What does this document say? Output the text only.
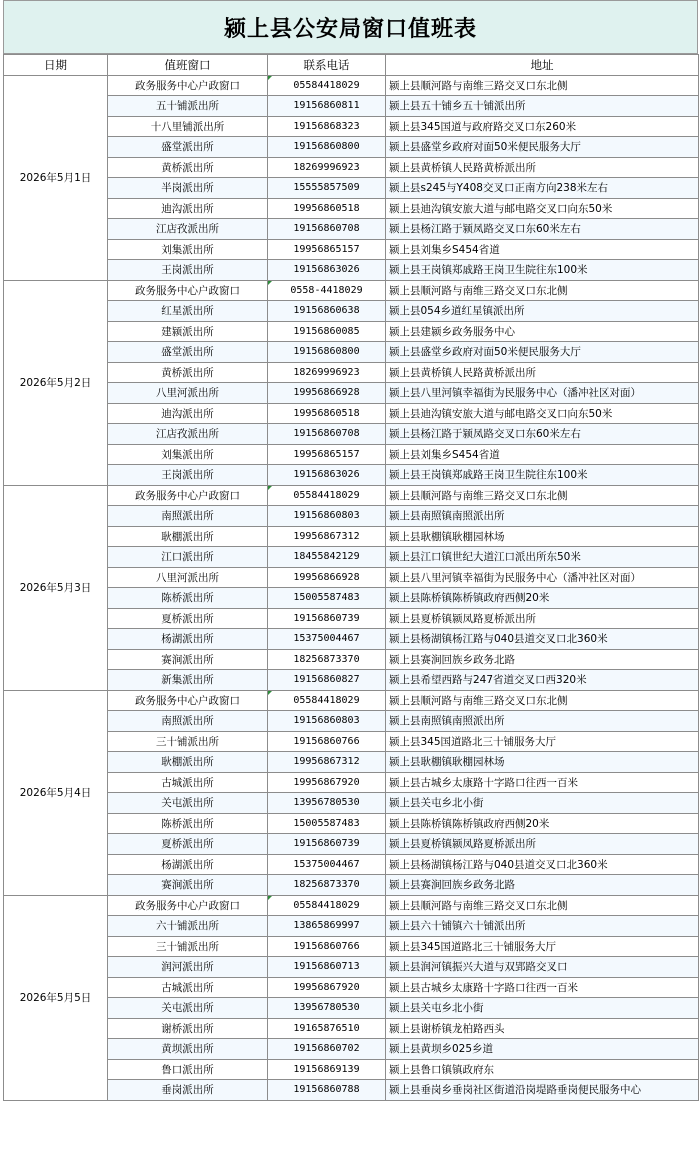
颍上县公安局窗口值班表
日期	值班窗口	联系电话	地址
2026年5月1日	政务服务中心户政窗口	05584418029	颍上县顺河路与南维三路交叉口东北侧
	五十铺派出所	19156860811	颍上县五十铺乡五十铺派出所
	十八里铺派出所	19156868323	颍上县345国道与政府路交叉口东260米
	盛堂派出所	19156860800	颍上县盛堂乡政府对面50米便民服务大厅
	黄桥派出所	18269996923	颍上县黄桥镇人民路黄桥派出所
	半岗派出所	15555857509	颍上县s245与Y408交叉口正南方向238米左右
	迪沟派出所	19956860518	颍上县迪沟镇安旅大道与邮电路交叉口向东50米
	江店孜派出所	19156860708	颍上县杨江路于颍凤路交叉口东60米左右
	刘集派出所	19956865157	颍上县刘集乡S454省道
	王岗派出所	19156863026	颍上县王岗镇郑戚路王岗卫生院往东100米
2026年5月2日	政务服务中心户政窗口	0558-4418029	颍上县顺河路与南维三路交叉口东北侧
	红星派出所	19156860638	颍上县054乡道红星镇派出所
	建颍派出所	19156860085	颍上县建颍乡政务服务中心
	盛堂派出所	19156860800	颍上县盛堂乡政府对面50米便民服务大厅
	黄桥派出所	18269996923	颍上县黄桥镇人民路黄桥派出所
	八里河派出所	19956866928	颍上县八里河镇幸福街为民服务中心（潘冲社区对面）
	迪沟派出所	19956860518	颍上县迪沟镇安旅大道与邮电路交叉口向东50米
	江店孜派出所	19156860708	颍上县杨江路于颍凤路交叉口东60米左右
	刘集派出所	19956865157	颍上县刘集乡S454省道
	王岗派出所	19156863026	颍上县王岗镇郑戚路王岗卫生院往东100米
2026年5月3日	政务服务中心户政窗口	05584418029	颍上县顺河路与南维三路交叉口东北侧
	南照派出所	19156860803	颍上县南照镇南照派出所
	耿棚派出所	19956867312	颍上县耿棚镇耿棚园林场
	江口派出所	18455842129	颍上县江口镇世纪大道江口派出所东50米
	八里河派出所	19956866928	颍上县八里河镇幸福街为民服务中心（潘冲社区对面）
	陈桥派出所	15005587483	颍上县陈桥镇陈桥镇政府西侧20米
	夏桥派出所	19156860739	颍上县夏桥镇颍凤路夏桥派出所
	杨湖派出所	15375004467	颍上县杨湖镇杨江路与040县道交叉口北360米
	赛涧派出所	18256873370	颍上县赛涧回族乡政务北路
	新集派出所	19156860827	颍上县希望西路与247省道交叉口西320米
2026年5月4日	政务服务中心户政窗口	05584418029	颍上县顺河路与南维三路交叉口东北侧
	南照派出所	19156860803	颍上县南照镇南照派出所
	三十铺派出所	19156860766	颍上县345国道路北三十铺服务大厅
	耿棚派出所	19956867312	颍上县耿棚镇耿棚园林场
	古城派出所	19956867920	颍上县古城乡太康路十字路口往西一百米
	关屯派出所	13956780530	颍上县关屯乡北小街
	陈桥派出所	15005587483	颍上县陈桥镇陈桥镇政府西侧20米
	夏桥派出所	19156860739	颍上县夏桥镇颍凤路夏桥派出所
	杨湖派出所	15375004467	颍上县杨湖镇杨江路与040县道交叉口北360米
	赛涧派出所	18256873370	颍上县赛涧回族乡政务北路
2026年5月5日	政务服务中心户政窗口	05584418029	颍上县顺河路与南维三路交叉口东北侧
	六十铺派出所	13865869997	颍上县六十铺镇六十铺派出所
	三十铺派出所	19156860766	颍上县345国道路北三十铺服务大厅
	润河派出所	19156860713	颍上县润河镇振兴大道与双郢路交叉口
	古城派出所	19956867920	颍上县古城乡太康路十字路口往西一百米
	关屯派出所	13956780530	颍上县关屯乡北小街
	谢桥派出所	19165876510	颍上县谢桥镇龙柏路西头
	黄坝派出所	19156860702	颍上县黄坝乡025乡道
	鲁口派出所	19156869139	颍上县鲁口镇镇政府东
	垂岗派出所	19156860788	颍上县垂岗乡垂岗社区街道沿岗堤路垂岗便民服务中心
